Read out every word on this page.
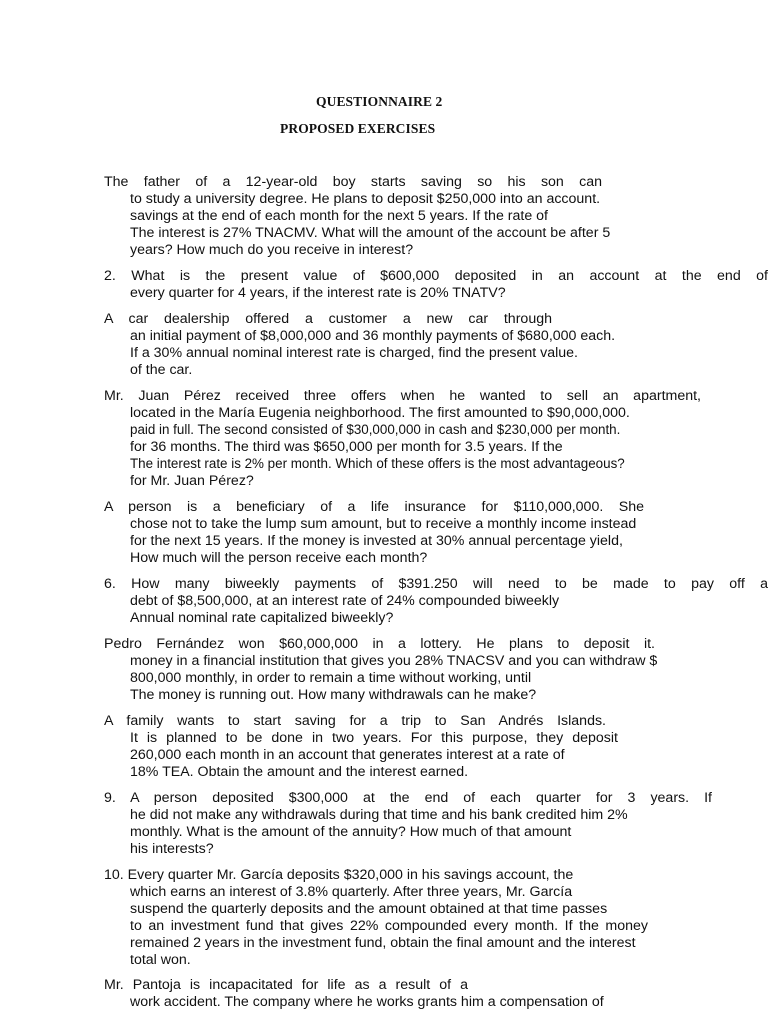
QUESTIONNAIRE 2
PROPOSED EXERCISES
The father of a 12-year-old boy starts saving so his son can
to study a university degree. He plans to deposit $250,000 into an account.
savings at the end of each month for the next 5 years. If the rate of
The interest is 27% TNACMV. What will the amount of the account be after 5
years? How much do you receive in interest?
2. What is the present value of $600,000 deposited in an account at the end of
every quarter for 4 years, if the interest rate is 20% TNATV?
A car dealership offered a customer a new car through
an initial payment of $8,000,000 and 36 monthly payments of $680,000 each.
If a 30% annual nominal interest rate is charged, find the present value.
of the car.
Mr. Juan Pérez received three offers when he wanted to sell an apartment,
located in the María Eugenia neighborhood. The first amounted to $90,000,000.
paid in full. The second consisted of $30,000,000 in cash and $230,000 per month.
for 36 months. The third was $650,000 per month for 3.5 years. If the
The interest rate is 2% per month. Which of these offers is the most advantageous?
for Mr. Juan Pérez?
A person is a beneficiary of a life insurance for $110,000,000. She
chose not to take the lump sum amount, but to receive a monthly income instead
for the next 15 years. If the money is invested at 30% annual percentage yield,
How much will the person receive each month?
6. How many biweekly payments of $391.250 will need to be made to pay off a
debt of $8,500,000, at an interest rate of 24% compounded biweekly
Annual nominal rate capitalized biweekly?
Pedro Fernández won $60,000,000 in a lottery. He plans to deposit it.
money in a financial institution that gives you 28% TNACSV and you can withdraw $
800,000 monthly, in order to remain a time without working, until
The money is running out. How many withdrawals can he make?
A family wants to start saving for a trip to San Andrés Islands.
It is planned to be done in two years. For this purpose, they deposit
260,000 each month in an account that generates interest at a rate of
18% TEA. Obtain the amount and the interest earned.
9. A person deposited $300,000 at the end of each quarter for 3 years. If
he did not make any withdrawals during that time and his bank credited him 2%
monthly. What is the amount of the annuity? How much of that amount
his interests?
10. Every quarter Mr. García deposits $320,000 in his savings account, the
which earns an interest of 3.8% quarterly. After three years, Mr. García
suspend the quarterly deposits and the amount obtained at that time passes
to an investment fund that gives 22% compounded every month. If the money
remained 2 years in the investment fund, obtain the final amount and the interest
total won.
Mr. Pantoja is incapacitated for life as a result of a
work accident. The company where he works grants him a compensation of
